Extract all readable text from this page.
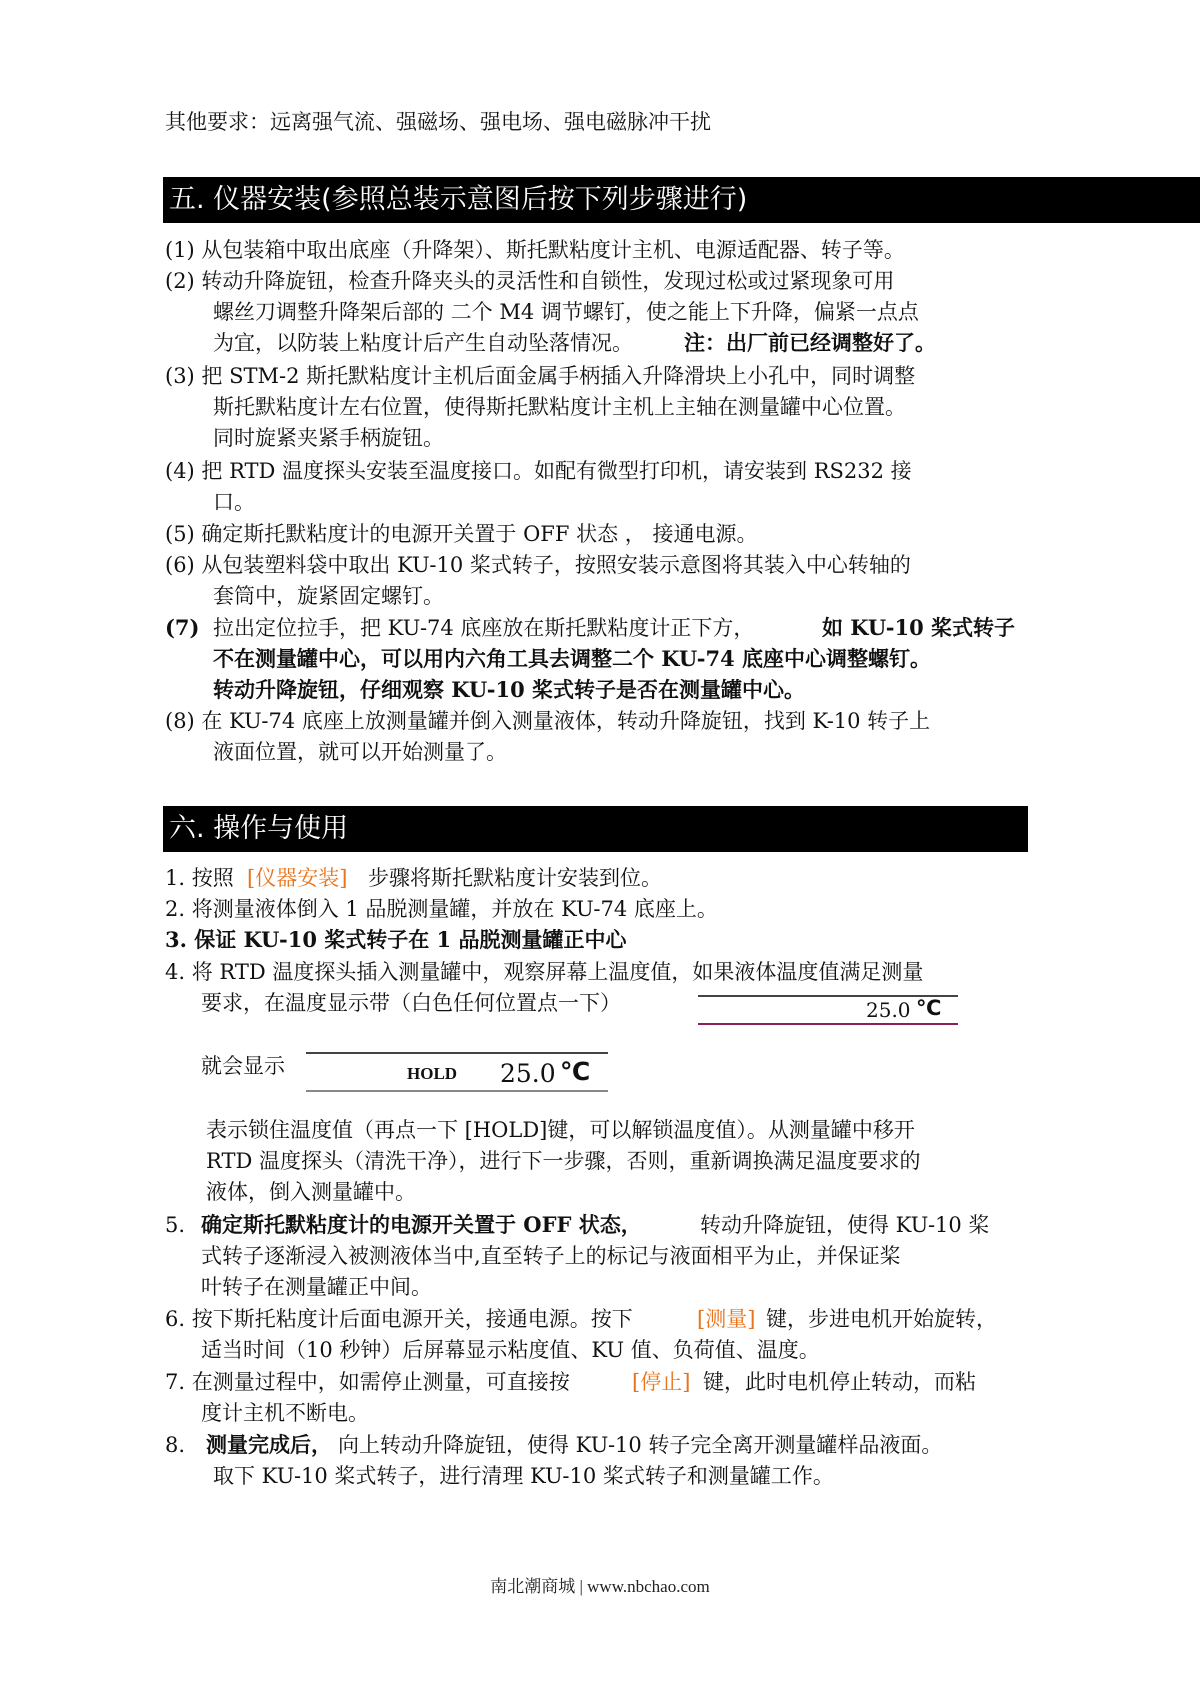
其他要求：远离强气流、强磁场、强电场、强电磁脉冲干扰
五. 仪器安装(参照总装示意图后按下列步骤进行)
(1) 从包装箱中取出底座（升降架）、斯托默粘度计主机、电源适配器、转子等。
(2) 转动升降旋钮，检查升降夹头的灵活性和自锁性，发现过松或过紧现象可用
螺丝刀调整升降架后部的 二个 M4 调节螺钉，使之能上下升降，偏紧一点点
为宜，以防装上粘度计后产生自动坠落情况。 注：出厂前已经调整好了。
(3) 把 STM-2 斯托默粘度计主机后面金属手柄插入升降滑块上小孔中，同时调整
斯托默粘度计左右位置，使得斯托默粘度计主机上主轴在测量罐中心位置。
同时旋紧夹紧手柄旋钮。
(4) 把 RTD 温度探头安装至温度接口。如配有微型打印机，请安装到 RS232 接
口。
(5) 确定斯托默粘度计的电源开关置于 OFF 状态 ， 接通电源。
(6) 从包装塑料袋中取出 KU-10 桨式转子，按照安装示意图将其装入中心转轴的
套筒中，旋紧固定螺钉。
(7) 拉出定位拉手，把 KU-74 底座放在斯托默粘度计正下方，	如 KU-10 桨式转子
不在测量罐中心，可以用内六角工具去调整二个 KU-74 底座中心调整螺钉。
转动升降旋钮，仔细观察 KU-10 桨式转子是否在测量罐中心。
(8) 在 KU-74 底座上放测量罐并倒入测量液体，转动升降旋钮，找到 K-10 转子上
液面位置，就可以开始测量了。
六. 操作与使用
1. 按照 [仪器安装] 步骤将斯托默粘度计安装到位。
2. 将测量液体倒入 1 品脱测量罐，并放在 KU-74 底座上。
3. 保证 KU-10 桨式转子在 1 品脱测量罐正中心
4. 将 RTD 温度探头插入测量罐中，观察屏幕上温度值，如果液体温度值满足测量
要求，在温度显示带（白色任何位置点一下）	25.0 ℃
就会显示	HOLD 25.0 ℃
表示锁住温度值（再点一下 [HOLD]键，可以解锁温度值）。从测量罐中移开
RTD 温度探头（清洗干净），进行下一步骤，否则，重新调换满足温度要求的
液体，倒入测量罐中。
5. 确定斯托默粘度计的电源开关置于 OFF 状态，	转动升降旋钮，使得 KU-10 桨
式转子逐渐浸入被测液体当中,直至转子上的标记与液面相平为止，并保证桨
叶转子在测量罐正中间。
6. 按下斯托粘度计后面电源开关，接通电源。按下	[测量] 键，步进电机开始旋转，
适当时间（10 秒钟）后屏幕显示粘度值、KU 值、负荷值、温度。
7. 在测量过程中，如需停止测量，可直接按	[停止] 键，此时电机停止转动，而粘
度计主机不断电。
8. 测量完成后， 向上转动升降旋钮，使得 KU-10 转子完全离开测量罐样品液面。
取下 KU-10 桨式转子，进行清理 KU-10 桨式转子和测量罐工作。
南北潮商城 | www.nbchao.com
